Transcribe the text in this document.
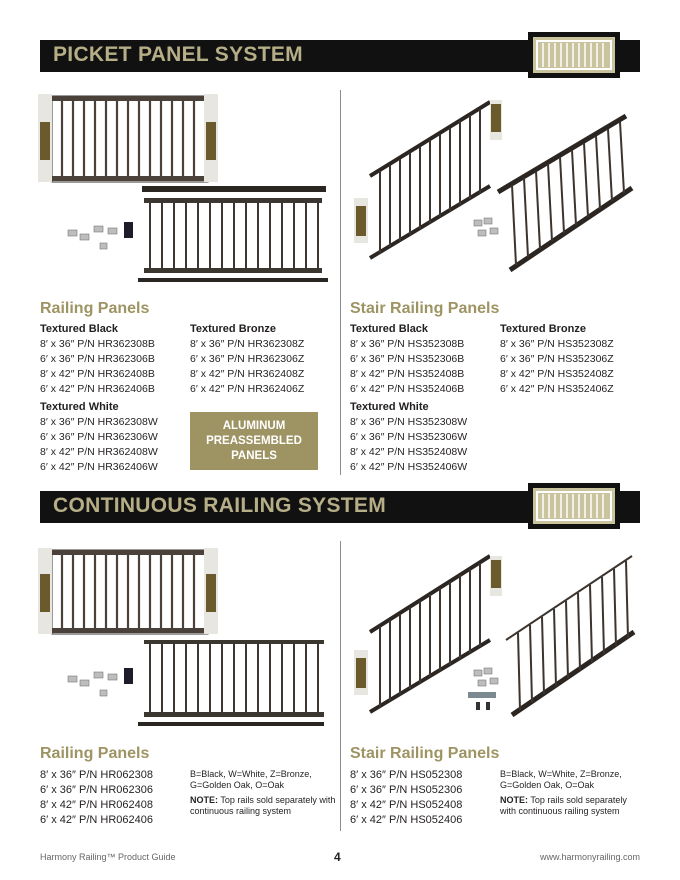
PICKET PANEL SYSTEM
Railing Panels
Textured Black
8′ x 36″ P/N HR362308B
6′ x 36″ P/N HR362306B
8′ x 42″ P/N HR362408B
6′ x 42″ P/N HR362406B
Textured Bronze
8′ x 36″ P/N HR362308Z
6′ x 36″ P/N HR362306Z
8′ x 42″ P/N HR362408Z
6′ x 42″ P/N HR362406Z
Textured White
8′ x 36″ P/N HR362308W
6′ x 36″ P/N HR362306W
8′ x 42″ P/N HR362408W
6′ x 42″ P/N HR362406W
ALUMINUM
PREASSEMBLED
PANELS
Stair Railing Panels
Textured Black
8′ x 36″ P/N HS352308B
6′ x 36″ P/N HS352306B
8′ x 42″ P/N HS352408B
6′ x 42″ P/N HS352406B
Textured Bronze
8′ x 36″ P/N HS352308Z
6′ x 36″ P/N HS352306Z
8′ x 42″ P/N HS352408Z
6′ x 42″ P/N HS352406Z
Textured White
8′ x 36″ P/N HS352308W
6′ x 36″ P/N HS352306W
8′ x 42″ P/N HS352408W
6′ x 42″ P/N HS352406W
CONTINUOUS RAILING SYSTEM
Railing Panels
8′ x 36″ P/N HR062308
6′ x 36″ P/N HR062306
8′ x 42″ P/N HR062408
6′ x 42″ P/N HR062406
B=Black, W=White, Z=Bronze, G=Golden Oak, O=Oak
NOTE: Top rails sold separately with continuous railing system
Stair Railing Panels
8′ x 36″ P/N HS052308
6′ x 36″ P/N HS052306
8′ x 42″ P/N HS052408
6′ x 42″ P/N HS052406
B=Black, W=White, Z=Bronze, G=Golden Oak, O=Oak
NOTE: Top rails sold separately with continuous railing system
Harmony Railing™ Product Guide	4	www.harmonyrailing.com
